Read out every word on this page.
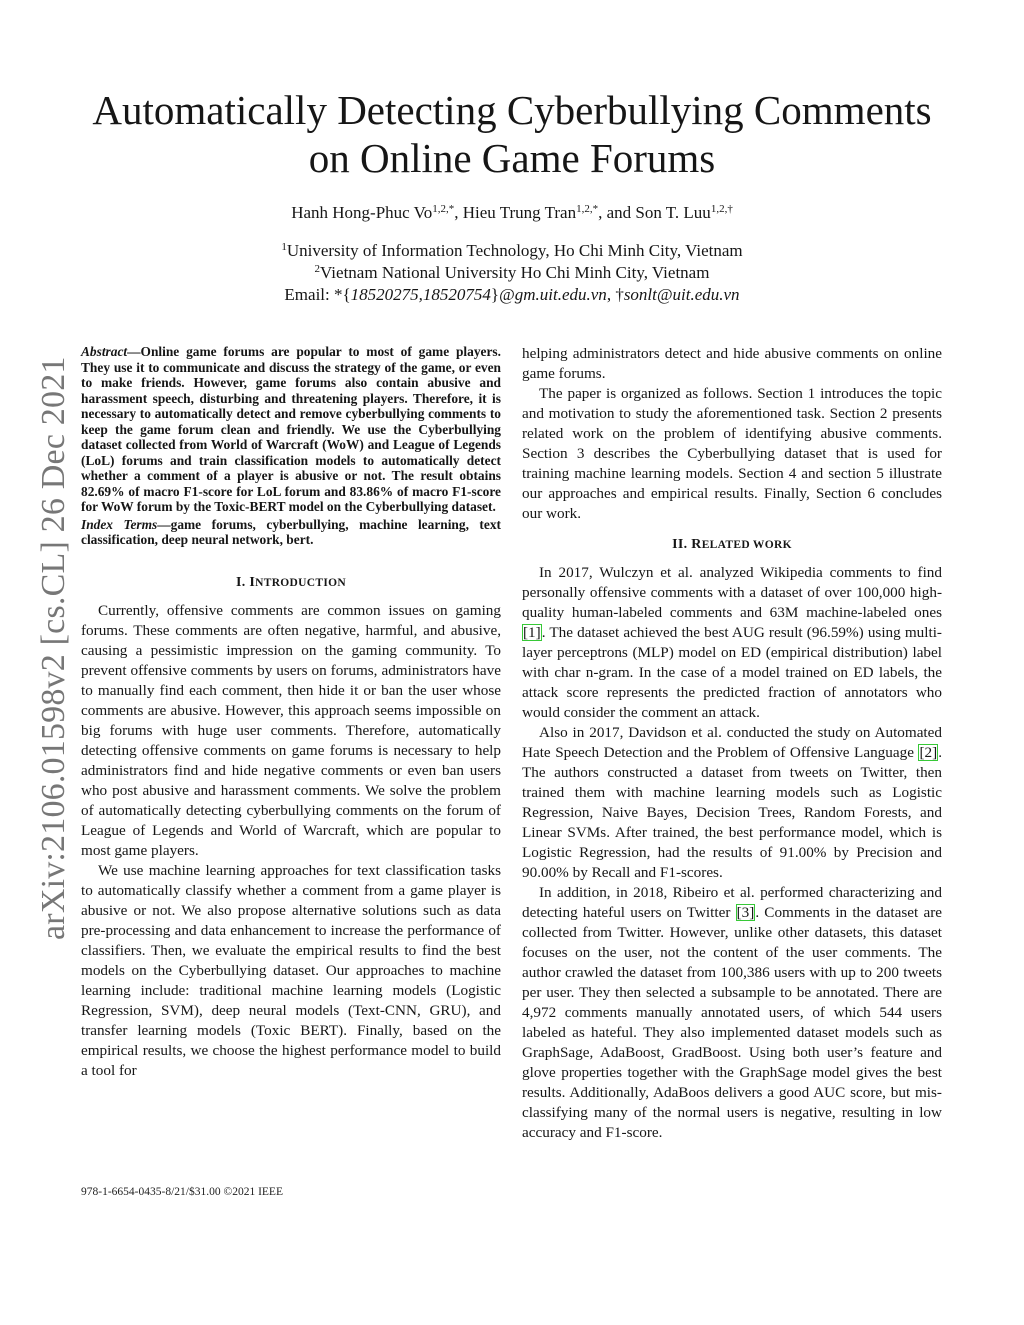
arXiv:2106.01598v2 [cs.CL] 26 Dec 2021
Automatically Detecting Cyberbullying Comments
on Online Game Forums
Hanh Hong-Phuc $Vo^{1,2,*}$, Hieu Trung Tran$^{1,2,*}$, and Son T. Luu$^{1,2,\dagger}$
$^1$University of Information Technology, Ho Chi Minh City, Vietnam
$^2$Vietnam National University Ho Chi Minh City, Vietnam
Email: *{18520275,18520754}@gm.uit.edu.vn, †sonlt@uit.edu.vn

Abstract—Online game forums are popular to most of game players. They use it to communicate and discuss the strategy of the game, or even to make friends. However, game forums also contain abusive and harassment speech, disturbing and threatening players. Therefore, it is necessary to automatically detect and remove cyberbullying comments to keep the game forum clean and friendly. We use the Cyberbullying dataset collected from World of Warcraft (WoW) and League of Legends (LoL) forums and train classification models to automatically detect whether a comment of a player is abusive or not. The result obtains 82.69% of macro F1-score for LoL forum and 83.86% of macro F1-score for WoW forum by the Toxic-BERT model on the Cyberbullying dataset.

Index Terms—game forums, cyberbullying, machine learning, text classification, deep neural network, bert.

I. INTRODUCTION

Currently, offensive comments are common issues on gaming forums. These comments are often negative, harmful, and abusive, causing a pessimistic impression on the gaming community. To prevent offensive comments by users on forums, administrators have to manually find each comment, then hide it or ban the user whose comments are abusive. However, this approach seems impossible on big forums with huge user comments. Therefore, automatically detecting offensive comments on game forums is necessary to help administrators find and hide negative comments or even ban users who post abusive and harassment comments. We solve the problem of automatically detecting cyberbullying comments on the forum of League of Legends and World of Warcraft, which are popular to most game players.

We use machine learning approaches for text classification tasks to automatically classify whether a comment from a game player is abusive or not. We also propose alternative solutions such as data pre-processing and data enhancement to increase the performance of classifiers. Then, we evaluate the empirical results to find the best models on the Cyberbullying dataset. Our approaches to machine learning include: traditional machine learning models (Logistic Regression, SVM), deep neural models (Text-CNN, GRU), and transfer learning models (Toxic BERT). Finally, based on the empirical results, we choose the highest performance model to build a tool for

helping administrators detect and hide abusive comments on online game forums.

The paper is organized as follows. Section 1 introduces the topic and motivation to study the aforementioned task. Section 2 presents related work on the problem of identifying abusive comments. Section 3 describes the Cyberbullying dataset that is used for training machine learning models. Section 4 and section 5 illustrate our approaches and empirical results. Finally, Section 6 concludes our work.

II. RELATED WORK

In 2017, Wulczyn et al. analyzed Wikipedia comments to find personally offensive comments with a dataset of over 100,000 high-quality human-labeled comments and 63M machine-labeled ones [1]. The dataset achieved the best AUG result (96.59%) using multi-layer perceptrons (MLP) model on ED (empirical distribution) label with char n-gram. In the case of a model trained on ED labels, the attack score represents the predicted fraction of annotators who would consider the comment an attack.

Also in 2017, Davidson et al. conducted the study on Automated Hate Speech Detection and the Problem of Offensive Language [2]. The authors constructed a dataset from tweets on Twitter, then trained them with machine learning models such as Logistic Regression, Naive Bayes, Decision Trees, Random Forests, and Linear SVMs. After trained, the best performance model, which is Logistic Regression, had the results of 91.00% by Precision and 90.00% by Recall and F1-scores.

In addition, in 2018, Ribeiro et al. performed characterizing and detecting hateful users on Twitter [3]. Comments in the dataset are collected from Twitter. However, unlike other datasets, this dataset focuses on the user, not the content of the user comments. The author crawled the dataset from 100,386 users with up to 200 tweets per user. They then selected a subsample to be annotated. There are 4,972 comments manually annotated users, of which 544 users labeled as hateful. They also implemented dataset models such as GraphSage, AdaBoost, GradBoost. Using both user’s feature and glove properties together with the GraphSage model gives the best results. Additionally, AdaBoos delivers a good AUC score, but mis-classifying many of the normal users is negative, resulting in low accuracy and F1-score.

978-1-6654-0435-8/21/$31.00 ©2021 IEEE
